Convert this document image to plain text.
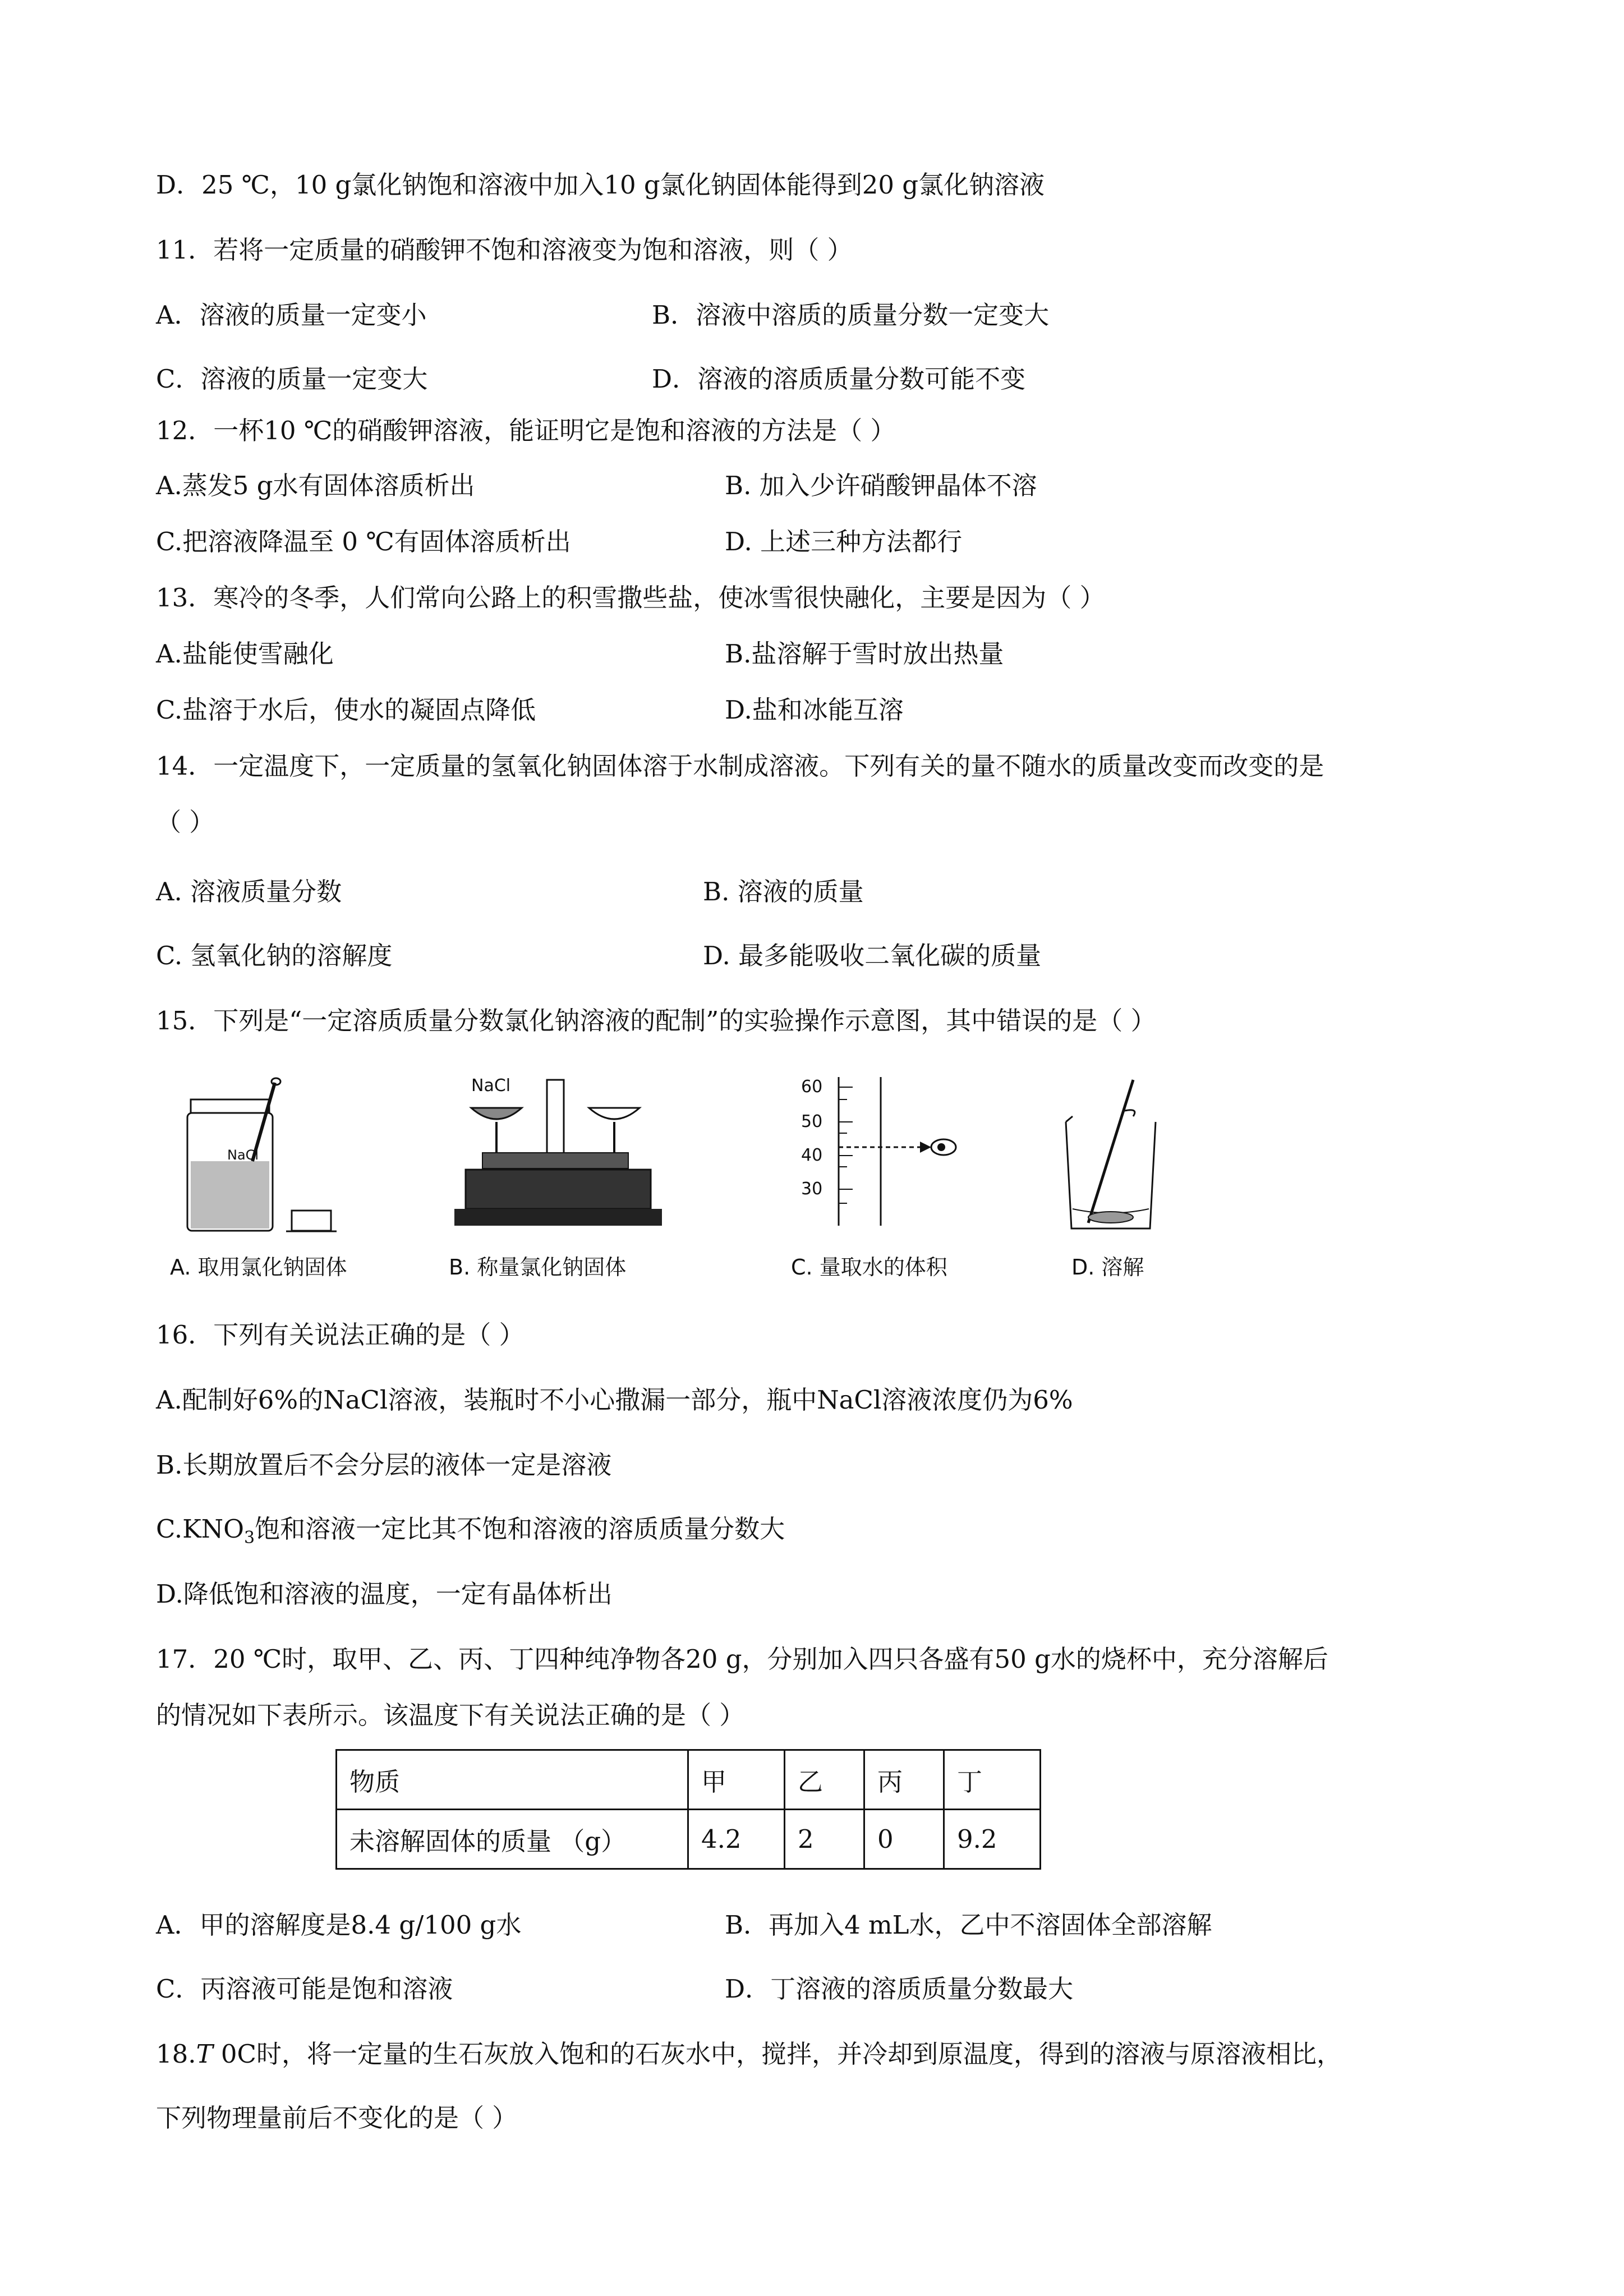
D．25 ℃，10 g氯化钠饱和溶液中加入10 g氯化钠固体能得到20 g氯化钠溶液
11．若将一定质量的硝酸钾不饱和溶液变为饱和溶液，则（ ）
A．溶液的质量一定变小	B．溶液中溶质的质量分数一定变大
C．溶液的质量一定变大	D．溶液的溶质质量分数可能不变
12．一杯10 ℃的硝酸钾溶液，能证明它是饱和溶液的方法是（ ）
A.蒸发5 g水有固体溶质析出	B. 加入少许硝酸钾晶体不溶
C.把溶液降温至 0 ℃有固体溶质析出	D. 上述三种方法都行
13．寒冷的冬季，人们常向公路上的积雪撒些盐，使冰雪很快融化，主要是因为（ ）
A.盐能使雪融化	B.盐溶解于雪时放出热量
C.盐溶于水后，使水的凝固点降低	D.盐和冰能互溶
14．一定温度下，一定质量的氢氧化钠固体溶于水制成溶液。下列有关的量不随水的质量改变而改变的是
（ ）
A. 溶液质量分数	B. 溶液的质量
C. 氢氧化钠的溶解度	D. 最多能吸收二氧化碳的质量
15．下列是“一定溶质质量分数氯化钠溶液的配制”的实验操作示意图，其中错误的是（ ）
NaCl
NaCl	60
50
40
30
A. 取用氯化钠固体	B. 称量氯化钠固体	C. 量取水的体积	D. 溶解
16．下列有关说法正确的是（ ）
A.配制好6%的NaCl溶液，装瓶时不小心撒漏一部分，瓶中NaCl溶液浓度仍为6%
B.长期放置后不会分层的液体一定是溶液
$C.KNO_3$饱和溶液一定比其不饱和溶液的溶质质量分数大
D.降低饱和溶液的温度，一定有晶体析出
17．20 ℃时，取甲、乙、丙、丁四种纯净物各20 g，分别加入四只各盛有50 g水的烧杯中，充分溶解后
的情况如下表所示。该温度下有关说法正确的是（ ）
物质	甲	乙	丙	丁
未溶解固体的质量 （g）	4.2	2	0	9.2
A．甲的溶解度是8.4 g/100 g水	B．再加入4 mL水，乙中不溶固体全部溶解
C．丙溶液可能是饱和溶液	D．丁溶液的溶质质量分数最大
18.T 0C时，将一定量的生石灰放入饱和的石灰水中，搅拌，并冷却到原温度，得到的溶液与原溶液相比，
下列物理量前后不变化的是（ ）
